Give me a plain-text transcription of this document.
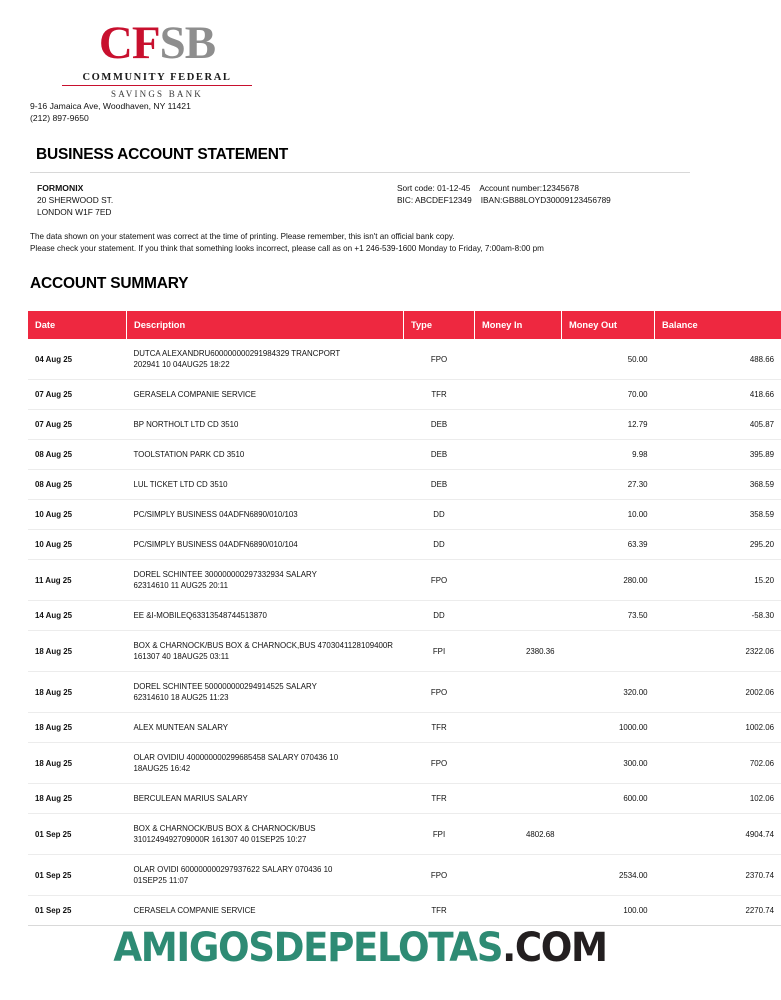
CFSB
COMMUNITY FEDERAL
SAVINGS BANK
9-16 Jamaica Ave, Woodhaven, NY 11421
(212) 897-9650
BUSINESS ACCOUNT STATEMENT
FORMONIX
20 SHERWOOD ST.
LONDON W1F 7ED
Sort code: 01-12-45 Account number:12345678
BIC: ABCDEF12349 IBAN:GB88LOYD30009123456789
The data shown on your statement was correct at the time of printing. Please remember, this isn't an official bank copy.
Please check your statement. If you think that something looks incorrect, please call as on +1 246-539-1600 Monday to Friday, 7:00am-8:00 pm
ACCOUNT SUMMARY
Date	Description	Type	Money In	Money Out	Balance
04 Aug 25	DUTCA ALEXANDRU600000000291984329 TRANCPORT
202941 10 04AUG25 18:22	FPO		50.00	488.66
07 Aug 25	GERASELA COMPANIE SERVICE	TFR		70.00	418.66
07 Aug 25	BP NORTHOLT LTD CD 3510	DEB		12.79	405.87
08 Aug 25	TOOLSTATION PARK CD 3510	DEB		9.98	395.89
08 Aug 25	LUL TICKET LTD CD 3510	DEB		27.30	368.59
10 Aug 25	PC/SIMPLY BUSINESS 04ADFN6890/010/103	DD		10.00	358.59
10 Aug 25	PC/SIMPLY BUSINESS 04ADFN6890/010/104	DD		63.39	295.20
11 Aug 25	DOREL SCHINTEE 300000000297332934 SALARY
62314610 11 AUG25 20:11	FPO		280.00	15.20
14 Aug 25	EE &I-MOBILEQ63313548744513870	DD		73.50	-58.30
18 Aug 25	BOX & CHARNOCK/BUS BOX & CHARNOCK,BUS 4703041128109400R
161307 40 18AUG25 03:11	FPI	2380.36		2322.06
18 Aug 25	DOREL SCHINTEE 500000000294914525 SALARY
62314610 18 AUG25 11:23	FPO		320.00	2002.06
18 Aug 25	ALEX MUNTEAN SALARY	TFR		1000.00	1002.06
18 Aug 25	OLAR OVIDIU 400000000299685458 SALARY 070436 10
18AUG25 16:42	FPO		300.00	702.06
18 Aug 25	BERCULEAN MARIUS SALARY	TFR		600.00	102.06
01 Sep 25	BOX & CHARNOCK/BUS BOX & CHARNOCK/BUS
3101249492709000R 161307 40 01SEP25 10:27	FPI	4802.68		4904.74
01 Sep 25	OLAR OVIDI 600000000297937622 SALARY 070436 10
01SEP25 11:07	FPO		2534.00	2370.74
01 Sep 25	CERASELA COMPANIE SERVICE	TFR		100.00	2270.74
AMIGOSDEPELOTAS.COM
